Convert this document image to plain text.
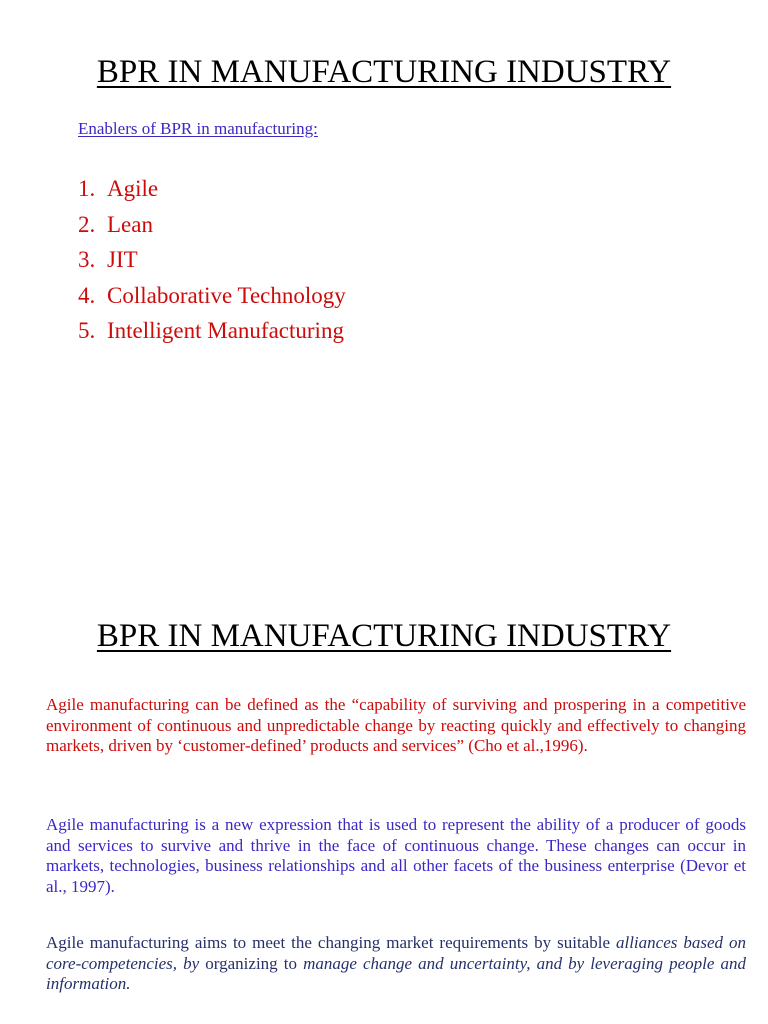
BPR IN MANUFACTURING INDUSTRY
Enablers of BPR in manufacturing:
1. Agile
2. Lean
3. JIT
4. Collaborative Technology
5. Intelligent Manufacturing
BPR IN MANUFACTURING INDUSTRY

Agile manufacturing can be defined as the “capability of surviving and prospering in a competitive environment of continuous and unpredictable change by reacting quickly and effectively to changing markets, driven by ‘customer-defined’ products and services” (Cho et al.,1996).

Agile manufacturing is a new expression that is used to represent the ability of a producer of goods and services to survive and thrive in the face of continuous change. These changes can occur in markets, technologies, business relationships and all other facets of the business enterprise (Devor et al., 1997).

Agile manufacturing aims to meet the changing market requirements by suitable alliances based on core-competencies, by organizing to manage change and uncertainty, and by leveraging people and information.
